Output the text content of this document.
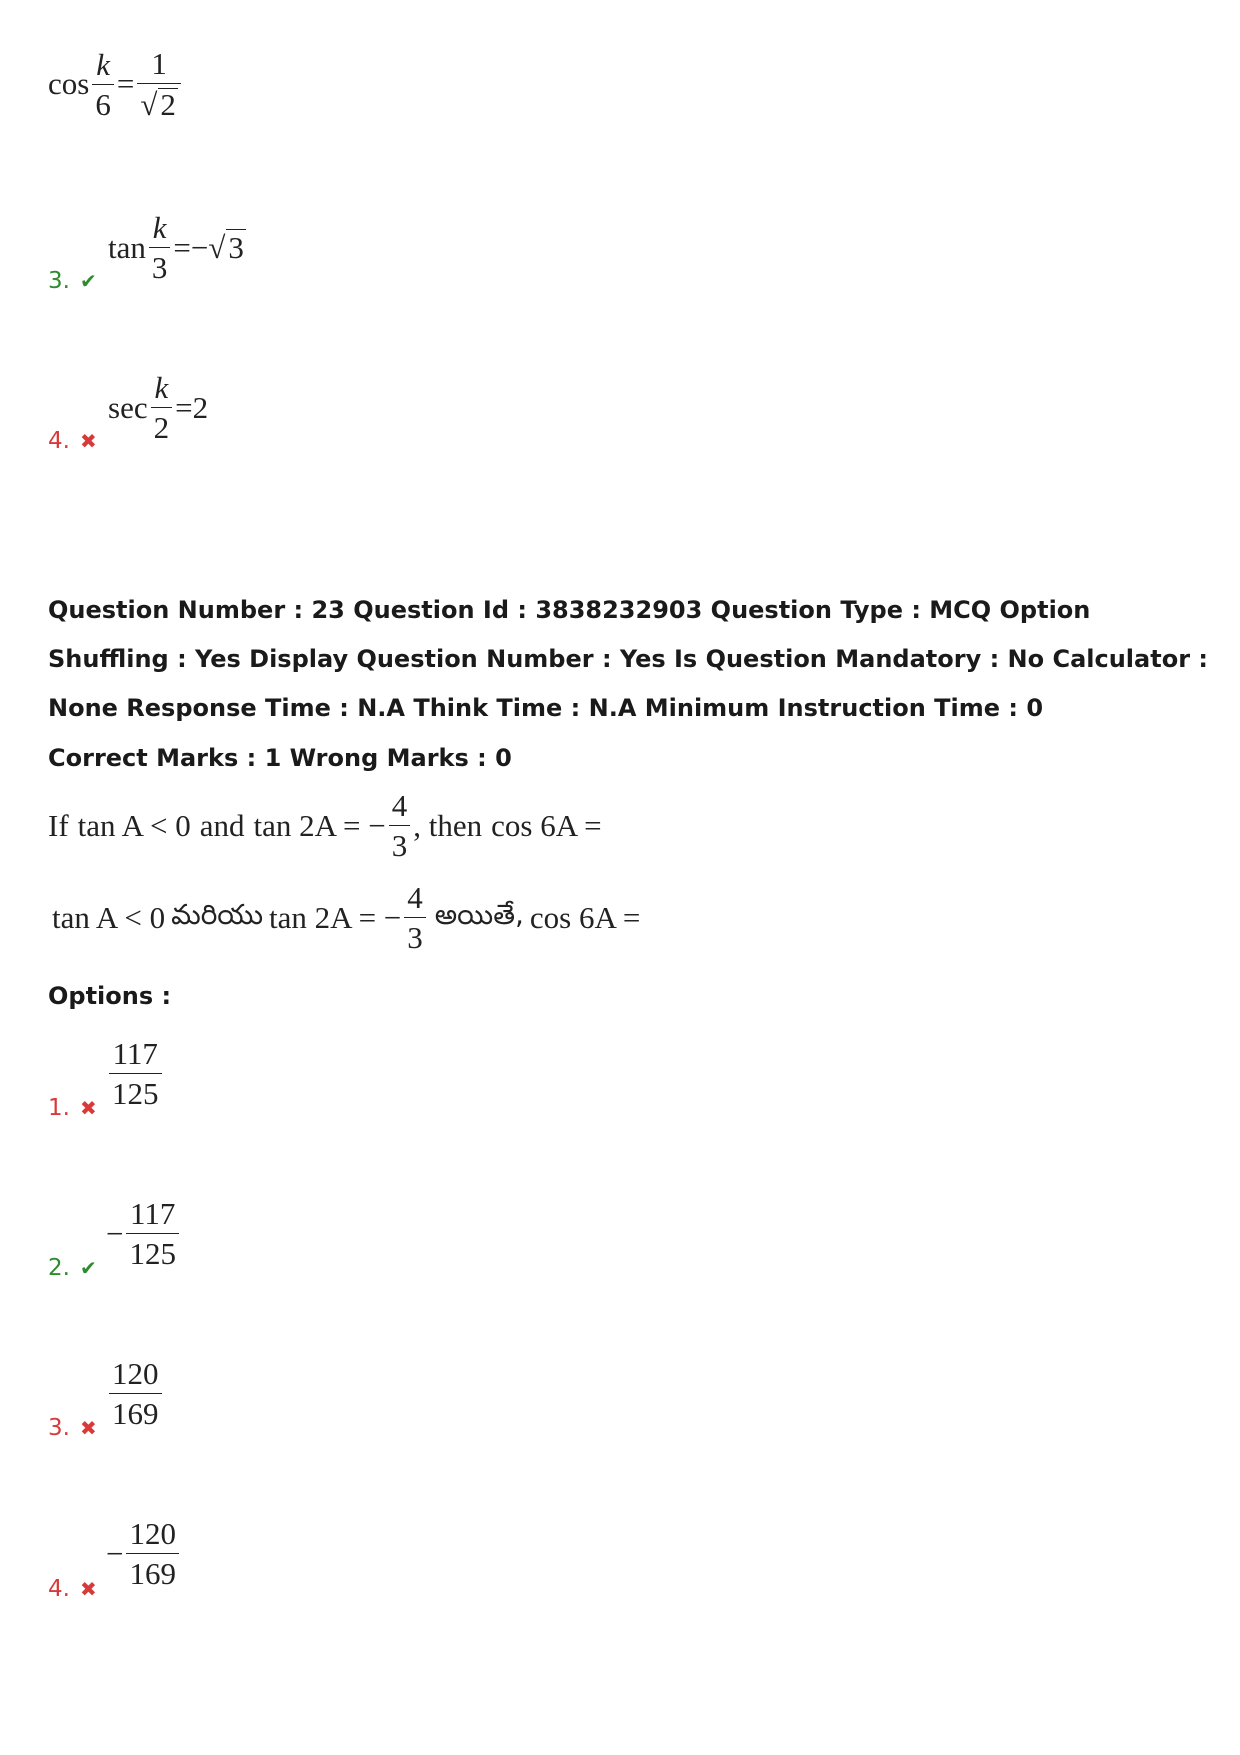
$\cos \frac{k}{6} = \frac{1}{√ 2}$
3. ✔
$\tan \frac{k}{3}$ = − √ 3
4. ✖
$\sec \frac{k}{2} = 2$
Question Number : 23 Question Id : 3838232903 Question Type : MCQ Option Shuffling : Yes Display Question Number : Yes Is Question Mandatory : No Calculator : None Response Time : N.A Think Time : N.A Minimum Instruction Time : 0
Correct Marks : 1 Wrong Marks : 0
If tan A < 0 and tan 2A = − $\frac{4}{3}$ , then cos 6A =
tan A < 0 మరియు tan 2A = − $\frac{4}{3}$ అయితే, cos 6A =
Options :
1. ✖ $\frac{117}{125}$
2. ✔
− $\frac{117}{125}$
3. ✖ $\frac{120}{169}$
4. ✖
− $\frac{120}{169}$
